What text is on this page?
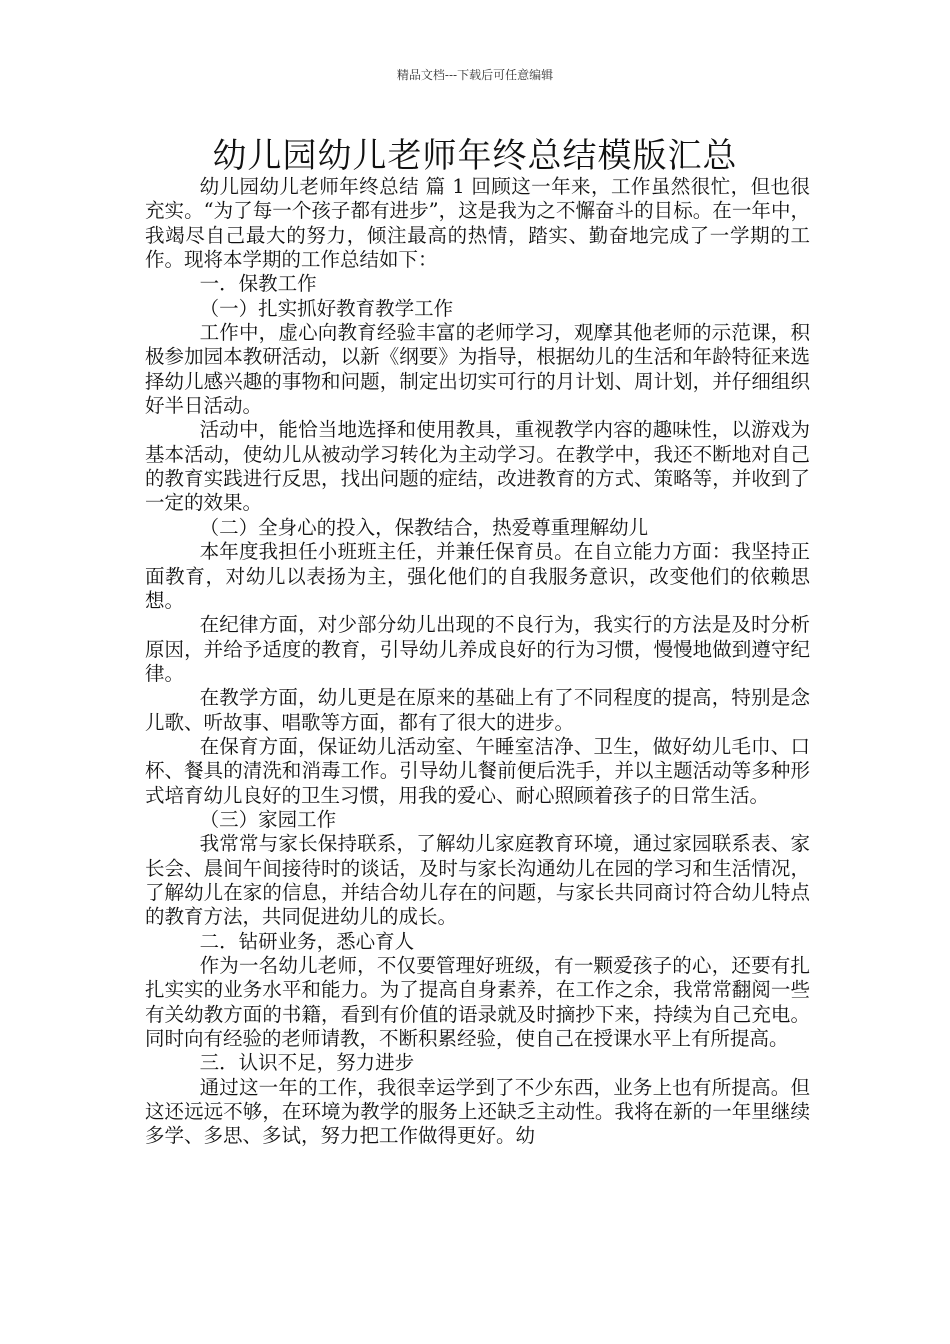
精品文档---下载后可任意编辑
幼儿园幼儿老师年终总结模版汇总

幼儿园幼儿老师年终总结 篇 1 回顾这一年来，工作虽然很忙，但也很充实。“为了每一个孩子都有进步”，这是我为之不懈奋斗的目标。在一年中，我竭尽自己最大的努力，倾注最高的热情，踏实、勤奋地完成了一学期的工作。现将本学期的工作总结如下：

一．保教工作

（一）扎实抓好教育教学工作

工作中，虚心向教育经验丰富的老师学习，观摩其他老师的示范课，积极参加园本教研活动，以新《纲要》为指导，根据幼儿的生活和年龄特征来选择幼儿感兴趣的事物和问题，制定出切实可行的月计划、周计划，并仔细组织好半日活动。

活动中，能恰当地选择和使用教具，重视教学内容的趣味性，以游戏为基本活动，使幼儿从被动学习转化为主动学习。在教学中，我还不断地对自己的教育实践进行反思，找出问题的症结，改进教育的方式、策略等，并收到了一定的效果。

（二）全身心的投入，保教结合，热爱尊重理解幼儿

本年度我担任小班班主任，并兼任保育员。在自立能力方面：我坚持正面教育，对幼儿以表扬为主，强化他们的自我服务意识，改变他们的依赖思想。

在纪律方面，对少部分幼儿出现的不良行为，我实行的方法是及时分析原因，并给予适度的教育，引导幼儿养成良好的行为习惯，慢慢地做到遵守纪律。

在教学方面，幼儿更是在原来的基础上有了不同程度的提高，特别是念儿歌、听故事、唱歌等方面，都有了很大的进步。

在保育方面，保证幼儿活动室、午睡室洁净、卫生，做好幼儿毛巾、口杯、餐具的清洗和消毒工作。引导幼儿餐前便后洗手，并以主题活动等多种形式培育幼儿良好的卫生习惯，用我的爱心、耐心照顾着孩子的日常生活。

（三）家园工作

我常常与家长保持联系，了解幼儿家庭教育环境，通过家园联系表、家长会、晨间午间接待时的谈话，及时与家长沟通幼儿在园的学习和生活情况，了解幼儿在家的信息，并结合幼儿存在的问题，与家长共同商讨符合幼儿特点的教育方法，共同促进幼儿的成长。

二．钻研业务，悉心育人

作为一名幼儿老师，不仅要管理好班级，有一颗爱孩子的心，还要有扎扎实实的业务水平和能力。为了提高自身素养，在工作之余，我常常翻阅一些有关幼教方面的书籍，看到有价值的语录就及时摘抄下来，持续为自己充电。同时向有经验的老师请教，不断积累经验，使自己在授课水平上有所提高。

三．认识不足，努力进步

通过这一年的工作，我很幸运学到了不少东西，业务上也有所提高。但这还远远不够，在环境为教学的服务上还缺乏主动性。我将在新的一年里继续多学、多思、多试，努力把工作做得更好。幼
